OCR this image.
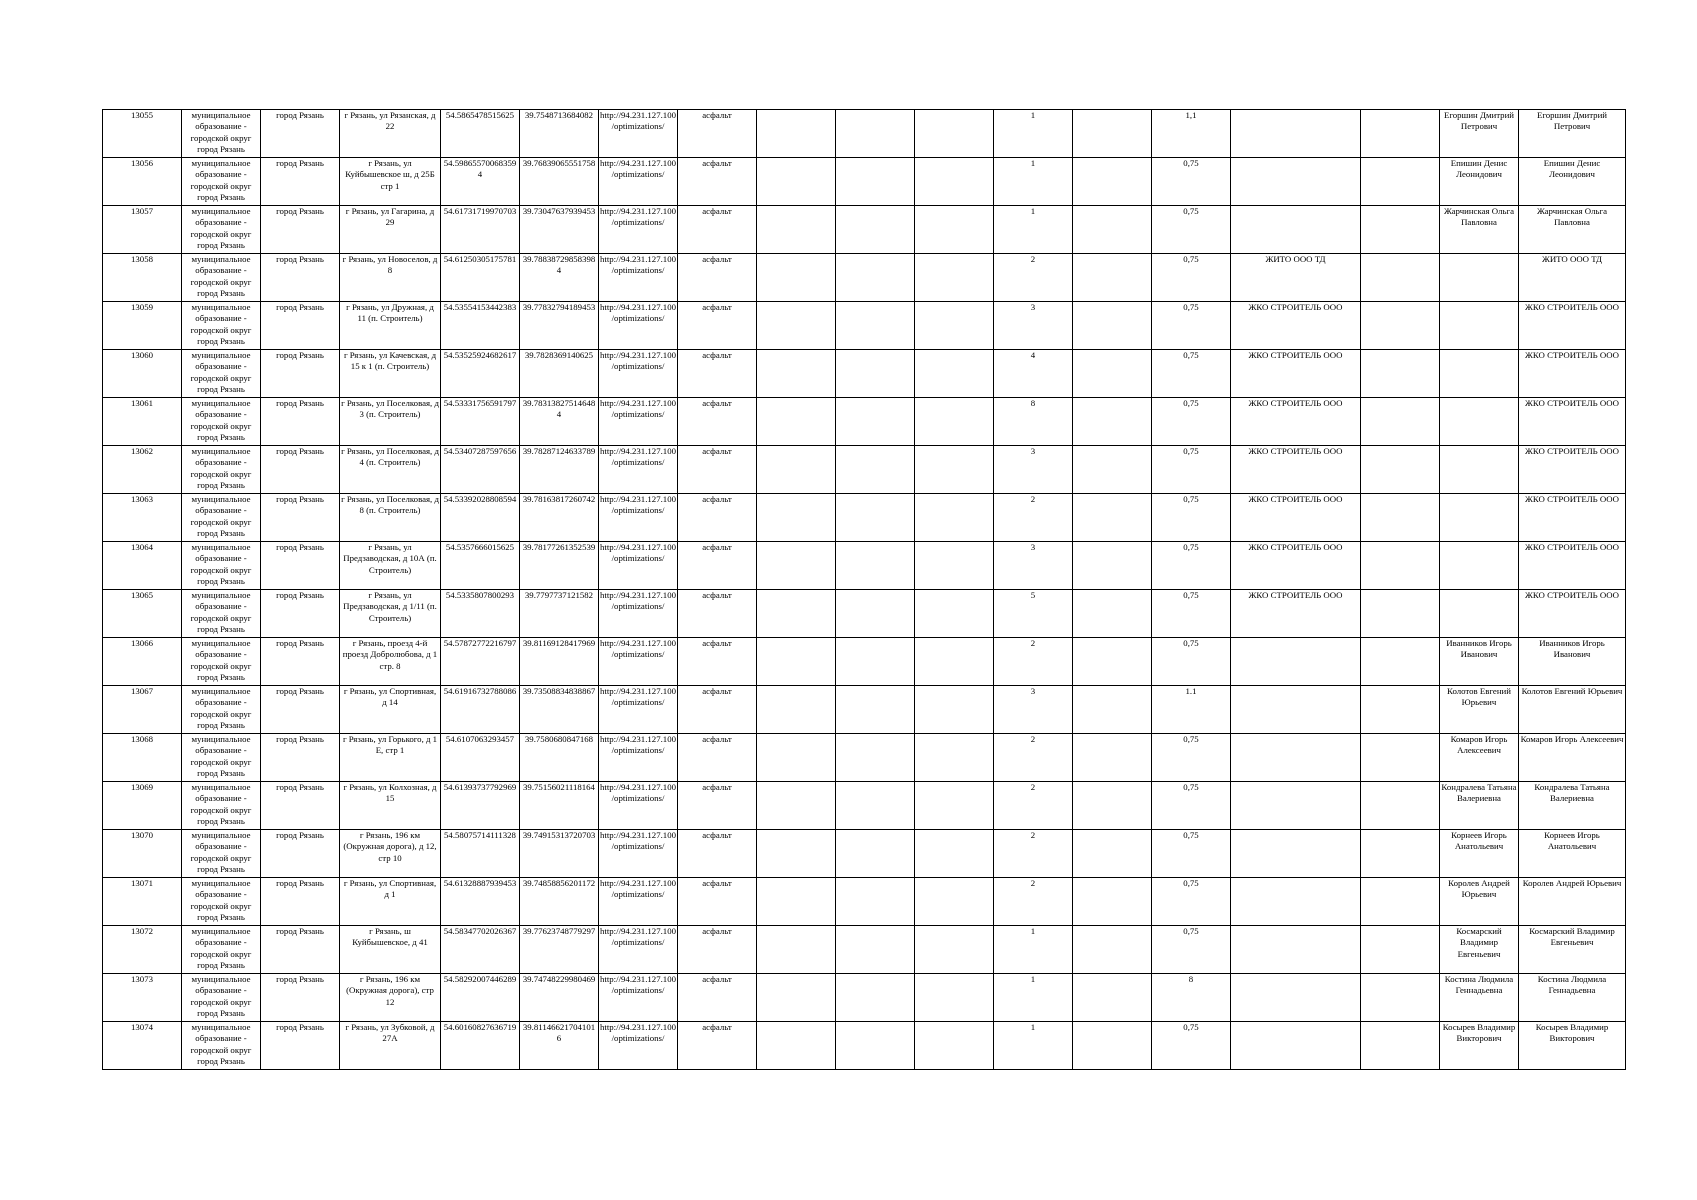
13055	муниципальное образование - городской округ город Рязань	город Рязань	г Рязань, ул Рязанская, д 22	54.5865478515625	39.7548713684082	http://94.231.127.100/optimizations/	асфальт				1		1,1			Егоршин Дмитрий Петрович	Егоршин Дмитрий Петрович
13056	муниципальное образование - городской округ город Рязань	город Рязань	г Рязань, ул Куйбышевское ш, д 25Б стр 1	54.598655700683594	39.76839065551758	http://94.231.127.100/optimizations/	асфальт				1		0,75			Епишин Денис Леонидович	Епишин Денис Леонидович
13057	муниципальное образование - городской округ город Рязань	город Рязань	г Рязань, ул Гагарина, д 29	54.61731719970703	39.73047637939453	http://94.231.127.100/optimizations/	асфальт				1		0,75			Жарчинская Ольга Павловна	Жарчинская Ольга Павловна
13058	муниципальное образование - городской округ город Рязань	город Рязань	г Рязань, ул Новоселов, д 8	54.61250305175781	39.788387298583984	http://94.231.127.100/optimizations/	асфальт				2		0,75	ЖИТО ООО ТД			ЖИТО ООО ТД
13059	муниципальное образование - городской округ город Рязань	город Рязань	г Рязань, ул Дружная, д 11 (п. Строитель)	54.53554153442383	39.77832794189453	http://94.231.127.100/optimizations/	асфальт				3		0,75	ЖКО СТРОИТЕЛЬ ООО			ЖКО СТРОИТЕЛЬ ООО
13060	муниципальное образование - городской округ город Рязань	город Рязань	г Рязань, ул Качевская, д 15 к 1 (п. Строитель)	54.53525924682617	39.7828369140625	http://94.231.127.100/optimizations/	асфальт				4		0,75	ЖКО СТРОИТЕЛЬ ООО			ЖКО СТРОИТЕЛЬ ООО
13061	муниципальное образование - городской округ город Рязань	город Рязань	г Рязань, ул Поселковая, д 3 (п. Строитель)	54.53331756591797	39.783138275146484	http://94.231.127.100/optimizations/	асфальт				8		0,75	ЖКО СТРОИТЕЛЬ ООО			ЖКО СТРОИТЕЛЬ ООО
13062	муниципальное образование - городской округ город Рязань	город Рязань	г Рязань, ул Поселковая, д 4 (п. Строитель)	54.53407287597656	39.78287124633789	http://94.231.127.100/optimizations/	асфальт				3		0,75	ЖКО СТРОИТЕЛЬ ООО			ЖКО СТРОИТЕЛЬ ООО
13063	муниципальное образование - городской округ город Рязань	город Рязань	г Рязань, ул Поселковая, д 8 (п. Строитель)	54.53392028808594	39.78163817260742	http://94.231.127.100/optimizations/	асфальт				2		0,75	ЖКО СТРОИТЕЛЬ ООО			ЖКО СТРОИТЕЛЬ ООО
13064	муниципальное образование - городской округ город Рязань	город Рязань	г Рязань, ул Предзаводская, д 10А (п. Строитель)	54.5357666015625	39.78177261352539	http://94.231.127.100/optimizations/	асфальт				3		0,75	ЖКО СТРОИТЕЛЬ ООО			ЖКО СТРОИТЕЛЬ ООО
13065	муниципальное образование - городской округ город Рязань	город Рязань	г Рязань, ул Предзаводская, д 1/11 (п. Строитель)	54.5335807800293	39.7797737121582	http://94.231.127.100/optimizations/	асфальт				5		0,75	ЖКО СТРОИТЕЛЬ ООО			ЖКО СТРОИТЕЛЬ ООО
13066	муниципальное образование - городской округ город Рязань	город Рязань	г Рязань, проезд 4-й проезд Добролюбова, д 1 стр. 8	54.57872772216797	39.81169128417969	http://94.231.127.100/optimizations/	асфальт				2		0,75			Иванников Игорь Иванович	Иванников Игорь Иванович
13067	муниципальное образование - городской округ город Рязань	город Рязань	г Рязань, ул Спортивная, д 14	54.61916732788086	39.73508834838867	http://94.231.127.100/optimizations/	асфальт				3		1.1			Колотов Евгений Юрьевич	Колотов Евгений Юрьевич
13068	муниципальное образование - городской округ город Рязань	город Рязань	г Рязань, ул Горького, д 1 Е, стр 1	54.6107063293457	39.7580680847168	http://94.231.127.100/optimizations/	асфальт				2		0,75			Комаров Игорь Алексеевич	Комаров Игорь Алексеевич
13069	муниципальное образование - городской округ город Рязань	город Рязань	г Рязань, ул Колхозная, д 15	54.61393737792969	39.75156021118164	http://94.231.127.100/optimizations/	асфальт				2		0,75			Кондралева Татьяна Валериевна	Кондралева Татьяна Валериевна
13070	муниципальное образование - городской округ город Рязань	город Рязань	г Рязань, 196 км (Окружная дорога), д 12, стр 10	54.58075714111328	39.74915313720703	http://94.231.127.100/optimizations/	асфальт				2		0,75			Корнеев Игорь Анатольевич	Корнеев Игорь Анатольевич
13071	муниципальное образование - городской округ город Рязань	город Рязань	г Рязань, ул Спортивная, д 1	54.61328887939453	39.74858856201172	http://94.231.127.100/optimizations/	асфальт				2		0,75			Королев Андрей Юрьевич	Королев Андрей Юрьевич
13072	муниципальное образование - городской округ город Рязань	город Рязань	г Рязань, ш Куйбышевское, д 41	54.58347702026367	39.77623748779297	http://94.231.127.100/optimizations/	асфальт				1		0,75			Космарский Владимир Евгеньевич	Космарский Владимир Евгеньевич
13073	муниципальное образование - городской округ город Рязань	город Рязань	г Рязань, 196 км (Окружная дорога), стр 12	54.58292007446289	39.74748229980469	http://94.231.127.100/optimizations/	асфальт				1		8			Костина Людмила Геннадьевна	Костина Людмила Геннадьевна
13074	муниципальное образование - городской округ город Рязань	город Рязань	г Рязань, ул Зубковой, д 27А	54.60160827636719	39.811466217041016	http://94.231.127.100/optimizations/	асфальт				1		0,75			Косырев Владимир Викторович	Косырев Владимир Викторович
